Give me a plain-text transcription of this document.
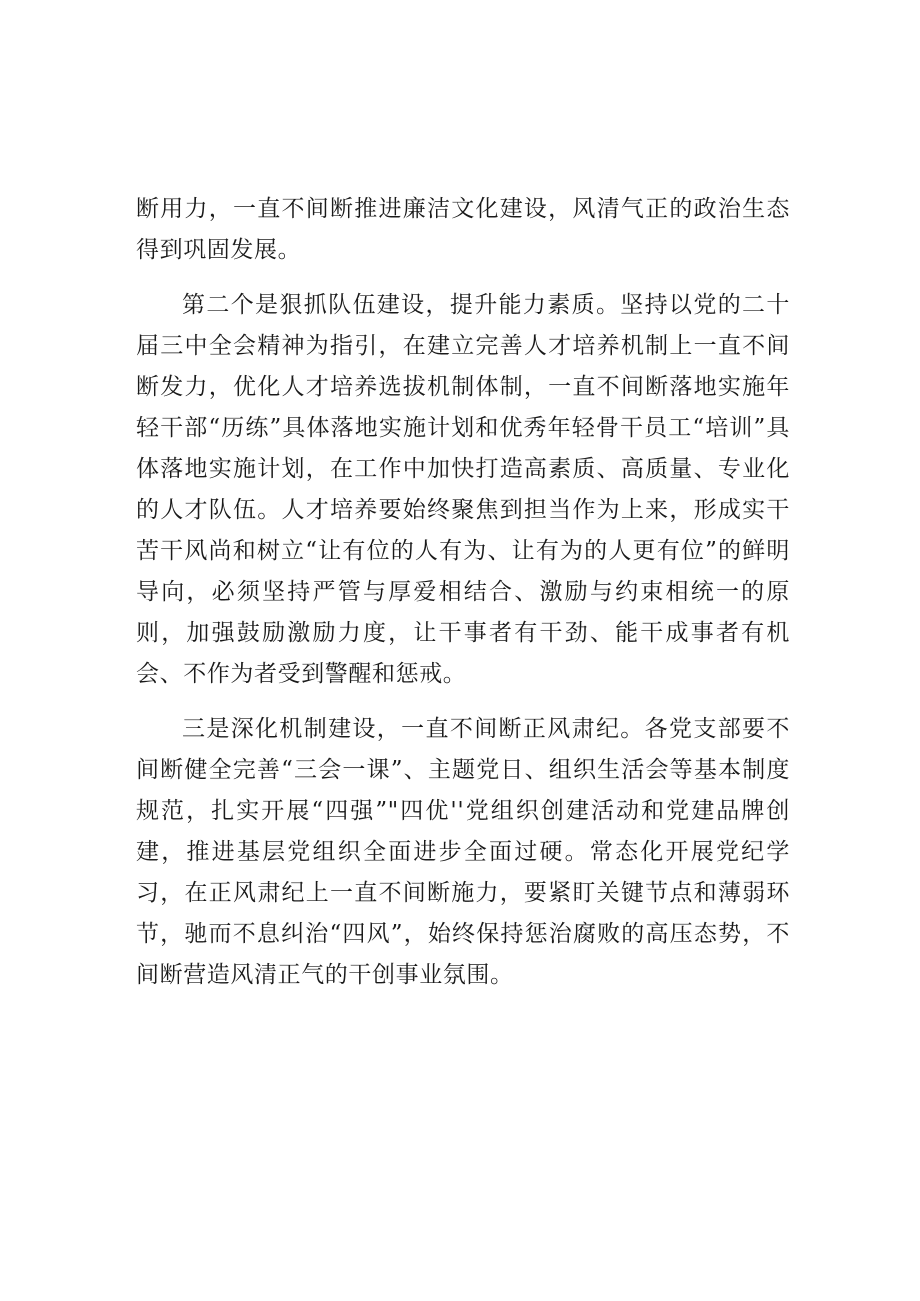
断用力，一直不间断推进廉洁文化建设，风清气正的政治生态得到巩固发展。

第二个是狠抓队伍建设，提升能力素质。坚持以党的二十届三中全会精神为指引，在建立完善人才培养机制上一直不间断发力，优化人才培养选拔机制体制，一直不间断落地实施年轻干部“历练”具体落地实施计划和优秀年轻骨干员工“培训”具体落地实施计划，在工作中加快打造高素质、高质量、专业化的人才队伍。人才培养要始终聚焦到担当作为上来，形成实干苦干风尚和树立“让有位的人有为、让有为的人更有位”的鲜明导向，必须坚持严管与厚爱相结合、激励与约束相统一的原则，加强鼓励激励力度，让干事者有干劲、能干成事者有机会、不作为者受到警醒和惩戒。

三是深化机制建设，一直不间断正风肃纪。各党支部要不间断健全完善“三会一课”、主题党日、组织生活会等基本制度规范，扎实开展“四强”"四优''党组织创建活动和党建品牌创建，推进基层党组织全面进步全面过硬。常态化开展党纪学习，在正风肃纪上一直不间断施力，要紧盯关键节点和薄弱环节，驰而不息纠治“四风”，始终保持惩治腐败的高压态势，不间断营造风清正气的干创事业氛围。
